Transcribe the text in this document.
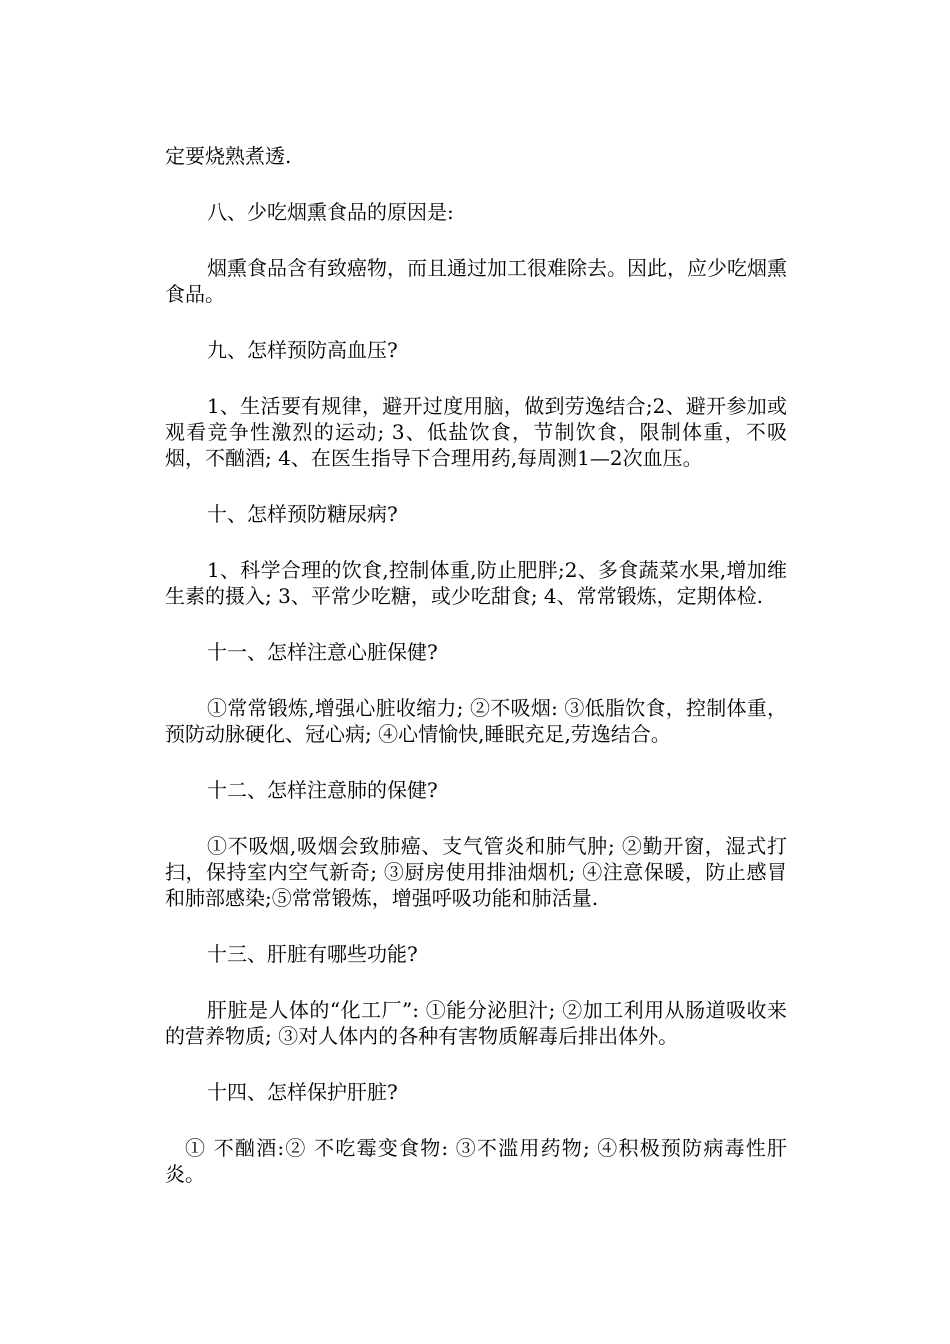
定要烧熟煮透.

八、少吃烟熏食品的原因是:

烟熏食品含有致癌物，而且通过加工很难除去。因此，应少吃烟熏食品。

九、怎样预防高血压?

1、生活要有规律，避开过度用脑，做到劳逸结合;2、避开参加或观看竞争性激烈的运动; 3、低盐饮食，节制饮食，限制体重，不吸烟，不酗酒; 4、在医生指导下合理用药,每周测1—2次血压。

十、怎样预防糖尿病?

1、科学合理的饮食,控制体重,防止肥胖;2、多食蔬菜水果,增加维生素的摄入; 3、平常少吃糖，或少吃甜食; 4、常常锻炼，定期体检.

十一、怎样注意心脏保健?

①常常锻炼,增强心脏收缩力; ②不吸烟: ③低脂饮食，控制体重，预防动脉硬化、冠心病; ④心情愉快,睡眠充足,劳逸结合。

十二、怎样注意肺的保健?

①不吸烟,吸烟会致肺癌、支气管炎和肺气肿; ②勤开窗，湿式打扫，保持室内空气新奇; ③厨房使用排油烟机; ④注意保暖，防止感冒和肺部感染;⑤常常锻炼，增强呼吸功能和肺活量.

十三、肝脏有哪些功能?

肝脏是人体的“化工厂”: ①能分泌胆汁; ②加工利用从肠道吸收来的营养物质; ③对人体内的各种有害物质解毒后排出体外。

十四、怎样保护肝脏?

① 不酗酒:② 不吃霉变食物: ③不滥用药物; ④积极预防病毒性肝炎。
